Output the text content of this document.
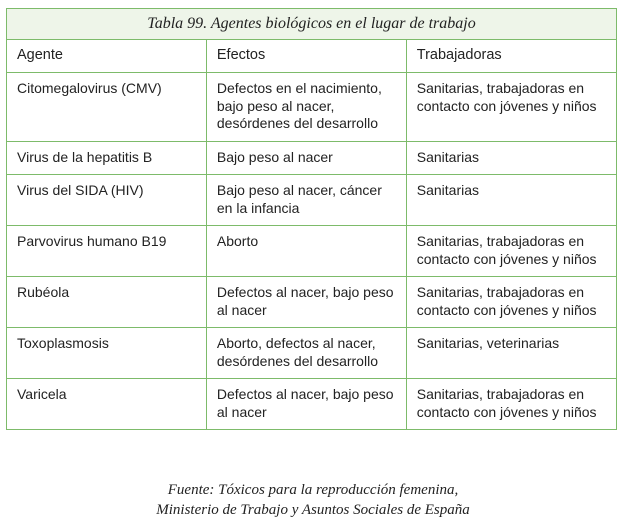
Tabla 99. Agentes biológicos en el lugar de trabajo		
Agente	Efectos	Trabajadoras
Citomegalovirus (CMV)	Defectos en el nacimiento, bajo peso al nacer, desórdenes del desarrollo	Sanitarias, trabajadoras en contacto con jóvenes y niños
Virus de la hepatitis B	Bajo peso al nacer	Sanitarias
Virus del SIDA (HIV)	Bajo peso al nacer, cáncer en la infancia	Sanitarias
Parvovirus humano B19	Aborto	Sanitarias, trabajadoras en contacto con jóvenes y niños
Rubéola	Defectos al nacer, bajo peso al nacer	Sanitarias, trabajadoras en contacto con jóvenes y niños
Toxoplasmosis	Aborto, defectos al nacer, desórdenes del desarrollo	Sanitarias, veterinarias
Varicela	Defectos al nacer, bajo peso al nacer	Sanitarias, trabajadoras en contacto con jóvenes y niños
Fuente: Tóxicos para la reproducción femenina,
Ministerio de Trabajo y Asuntos Sociales de España
